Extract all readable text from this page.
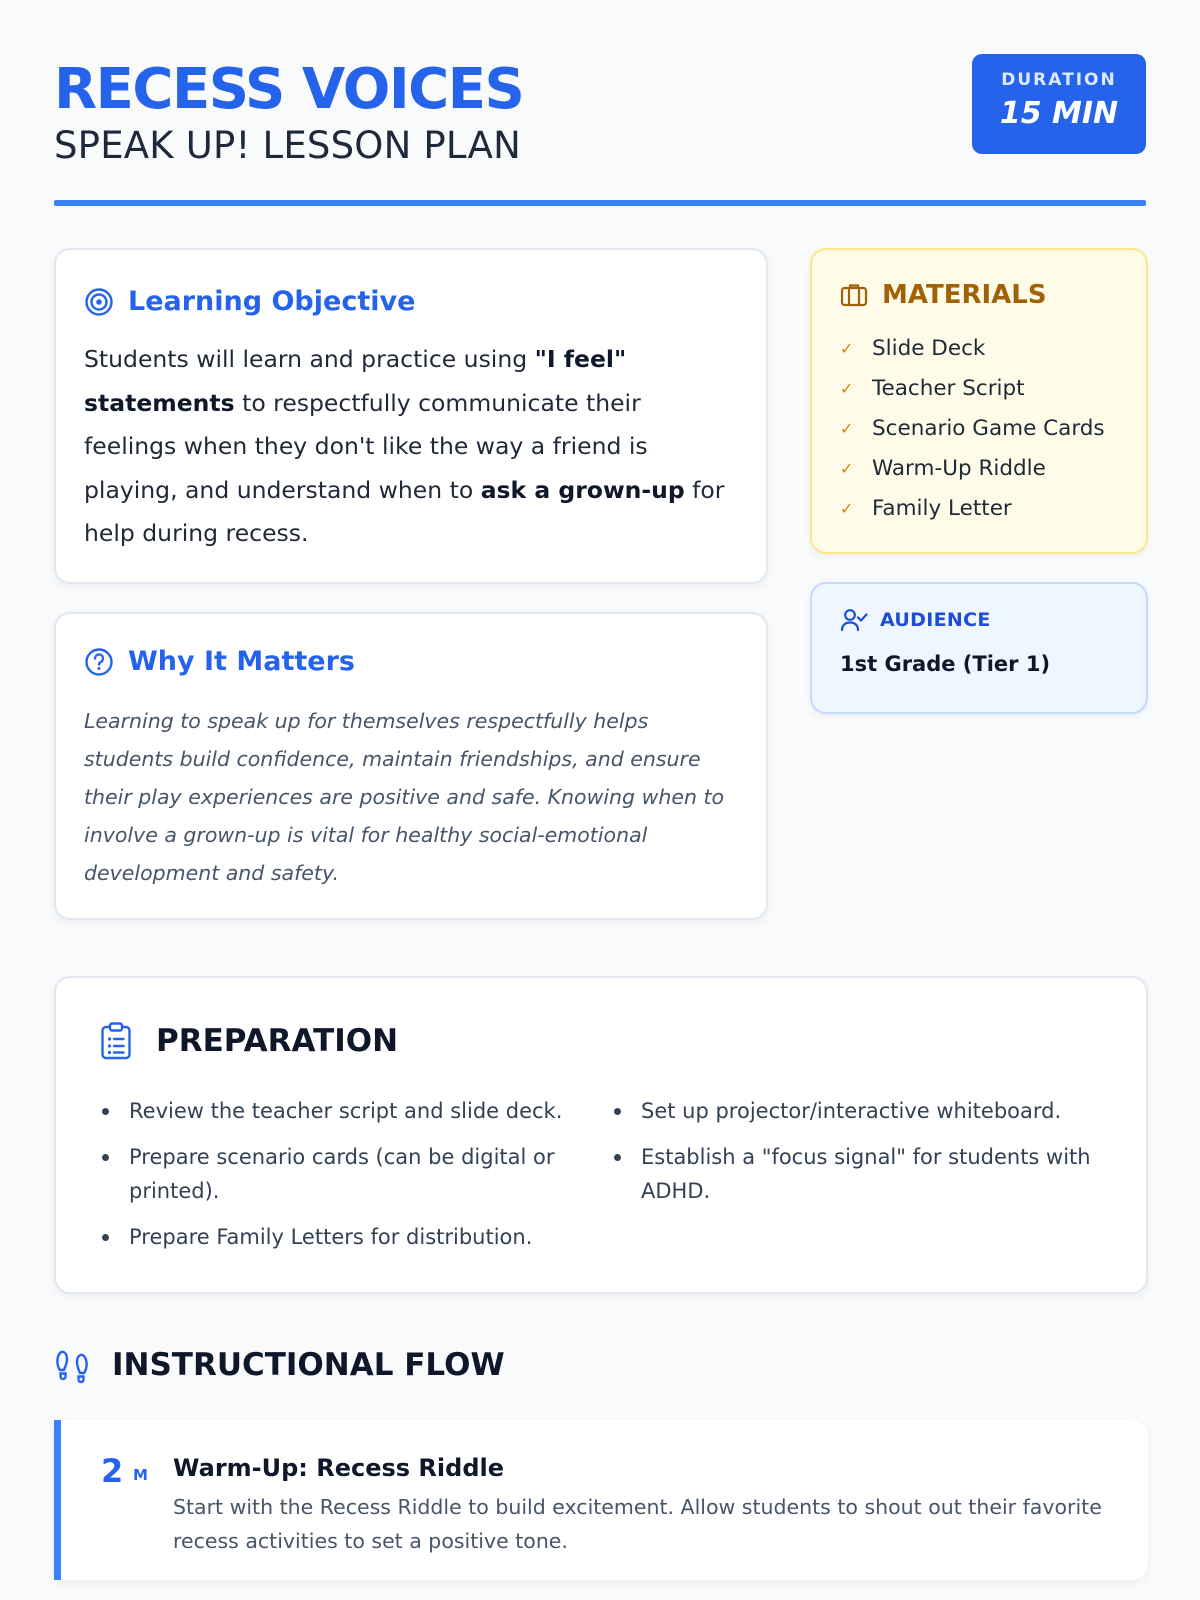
RECESS VOICES
SPEAK UP! LESSON PLAN
DURATION
15 MIN
Learning Objective
Students will learn and practice using "I feel" statements to respectfully communicate their feelings when they don't like the way a friend is playing, and understand when to ask a grown-up for help during recess.
Why It Matters
Learning to speak up for themselves respectfully helps students build confidence, maintain friendships, and ensure their play experiences are positive and safe. Knowing when to involve a grown-up is vital for healthy social-emotional development and safety.
MATERIALS
✓ Slide Deck
✓ Teacher Script
✓ Scenario Game Cards
✓ Warm-Up Riddle
✓ Family Letter
AUDIENCE
1st Grade (Tier 1)
PREPARATION
Review the teacher script and slide deck.
Prepare scenario cards (can be digital or printed).
Prepare Family Letters for distribution.
Set up projector/interactive whiteboard.
Establish a "focus signal" for students with ADHD.
INSTRUCTIONAL FLOW
2 M Warm-Up: Recess Riddle
Start with the Recess Riddle to build excitement. Allow students to shout out their favorite recess activities to set a positive tone.
